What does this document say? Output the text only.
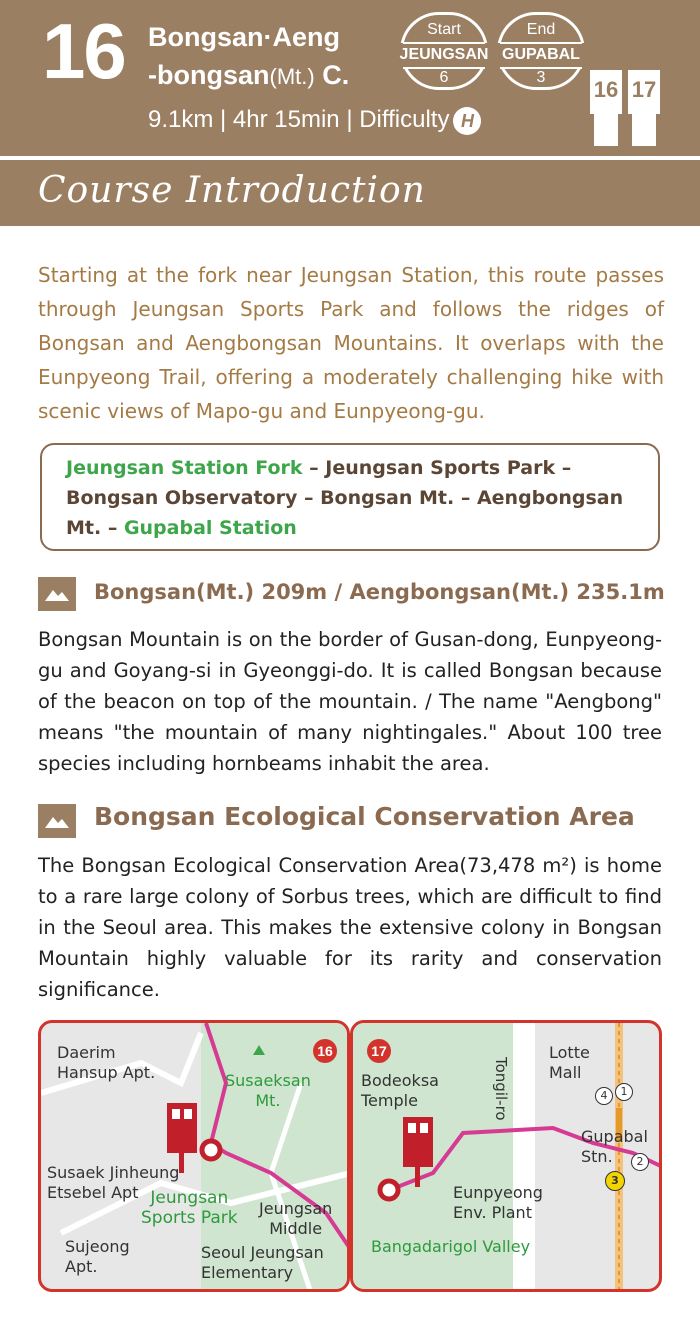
16 Bongsan·Aeng
-bongsan(Mt.) C.
9.1km | 4hr 15min | Difficulty H
Start
JEUNGSAN
6
End
GUPABAL
3	16 17
Course Introduction
Starting at the fork near Jeungsan Station, this route passes through Jeungsan Sports Park and follows the ridges of Bongsan and Aengbongsan Mountains. It overlaps with the Eunpyeong Trail, offering a moderately challenging hike with scenic views of Mapo-gu and Eunpyeong-gu.
Jeungsan Station Fork – Jeungsan Sports Park – Bongsan Observatory – Bongsan Mt. – Aengbongsan Mt. – Gupabal Station
Bongsan(Mt.) 209m / Aengbongsan(Mt.) 235.1m
Bongsan Mountain is on the border of Gusan-dong, Eunpyeong-gu and Goyang-si in Gyeonggi-do. It is called Bongsan because of the beacon on top of the mountain. / The name "Aengbong" means "the mountain of many nightingales." About 100 tree species including hornbeams inhabit the area.
Bongsan Ecological Conservation Area
The Bongsan Ecological Conservation Area(73,478 m²) is home to a rare large colony of Sorbus trees, which are difficult to find in the Seoul area. This makes the extensive colony in Bongsan Mountain highly valuable for its rarity and conservation significance.
16
Daerim
Hansup Apt.	Susaeksan
Mt.
Susaek Jinheung
Etsebel Apt Jeungsan
Sports Park Jeungsan
Middle
Sujeong
Apt.
Seoul Jeungsan
Elementary
17
Bodeoksa
Temple	Tongil-ro
Lotte
Mall
Gupabal
Stn.
Eunpyeong
Env. Plant
Bangadarigol Valley
4	1
2
3
